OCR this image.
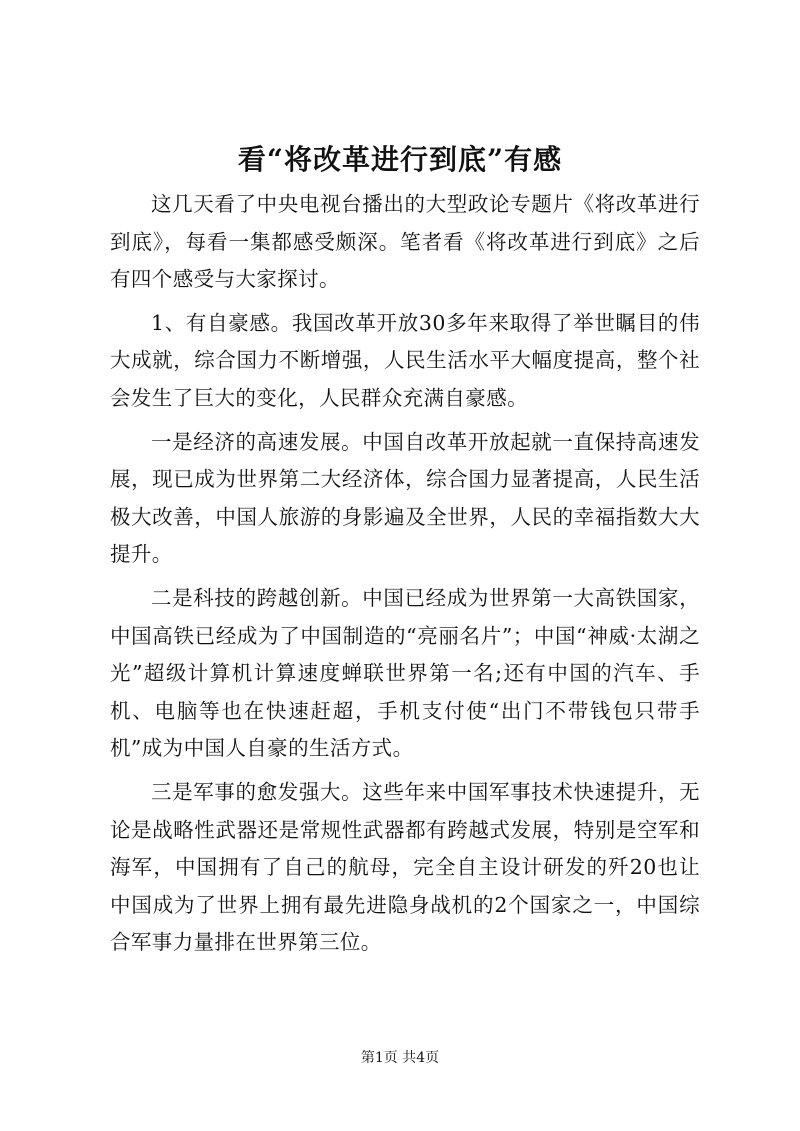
看“将改革进行到底”有感

这几天看了中央电视台播出的大型政论专题片《将改革进行到底》，每看一集都感受颇深。笔者看《将改革进行到底》之后有四个感受与大家探讨。

1、有自豪感。我国改革开放30多年来取得了举世瞩目的伟大成就，综合国力不断增强，人民生活水平大幅度提高，整个社会发生了巨大的变化，人民群众充满自豪感。

一是经济的高速发展。中国自改革开放起就一直保持高速发展，现已成为世界第二大经济体，综合国力显著提高，人民生活极大改善，中国人旅游的身影遍及全世界，人民的幸福指数大大提升。

二是科技的跨越创新。中国已经成为世界第一大高铁国家，中国高铁已经成为了中国制造的“亮丽名片”；中国“神威·太湖之光”超级计算机计算速度蝉联世界第一名;还有中国的汽车、手机、电脑等也在快速赶超，手机支付使“出门不带钱包只带手机”成为中国人自豪的生活方式。

三是军事的愈发强大。这些年来中国军事技术快速提升，无论是战略性武器还是常规性武器都有跨越式发展，特别是空军和海军，中国拥有了自己的航母，完全自主设计研发的歼20也让中国成为了世界上拥有最先进隐身战机的2个国家之一，中国综合军事力量排在世界第三位。

第1页 共4页
